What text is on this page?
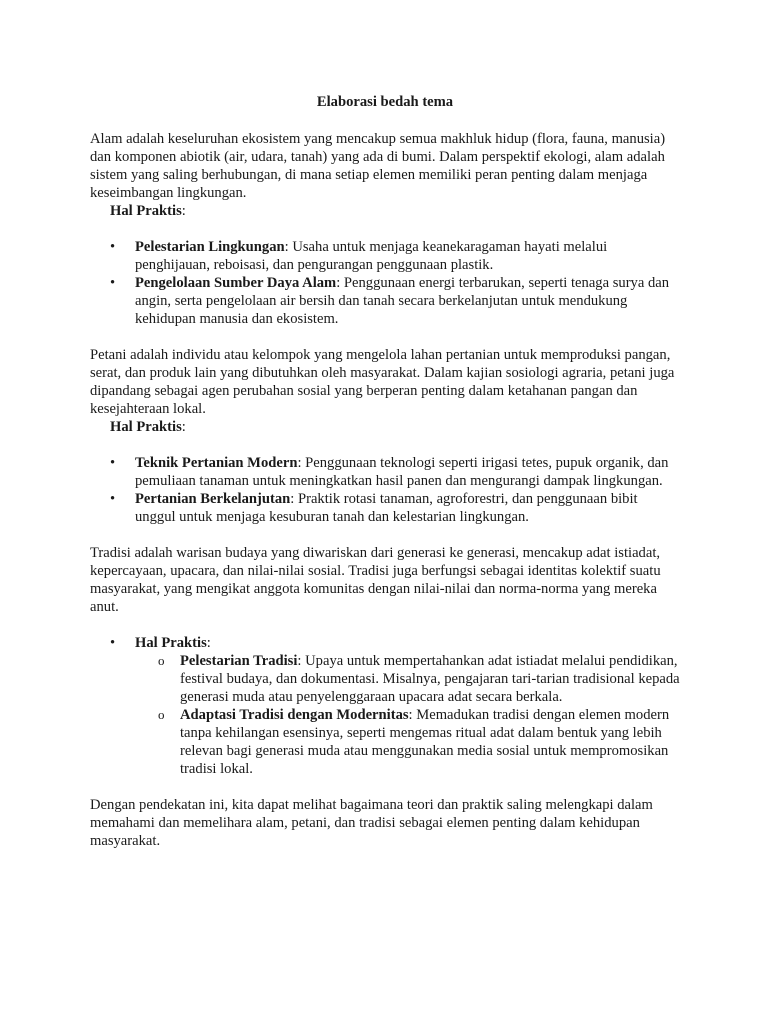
Elaborasi bedah tema

Alam adalah keseluruhan ekosistem yang mencakup semua makhluk hidup (flora, fauna, manusia) dan komponen abiotik (air, udara, tanah) yang ada di bumi. Dalam perspektif ekologi, alam adalah sistem yang saling berhubungan, di mana setiap elemen memiliki peran penting dalam menjaga keseimbangan lingkungan.

Hal Praktis:

• Pelestarian Lingkungan: Usaha untuk menjaga keanekaragaman hayati melalui penghijauan, reboisasi, dan pengurangan penggunaan plastik.
• Pengelolaan Sumber Daya Alam: Penggunaan energi terbarukan, seperti tenaga surya dan angin, serta pengelolaan air bersih dan tanah secara berkelanjutan untuk mendukung kehidupan manusia dan ekosistem.

Petani adalah individu atau kelompok yang mengelola lahan pertanian untuk memproduksi pangan, serat, dan produk lain yang dibutuhkan oleh masyarakat. Dalam kajian sosiologi agraria, petani juga dipandang sebagai agen perubahan sosial yang berperan penting dalam ketahanan pangan dan kesejahteraan lokal.

Hal Praktis:

• Teknik Pertanian Modern: Penggunaan teknologi seperti irigasi tetes, pupuk organik, dan pemuliaan tanaman untuk meningkatkan hasil panen dan mengurangi dampak lingkungan.
• Pertanian Berkelanjutan: Praktik rotasi tanaman, agroforestri, dan penggunaan bibit unggul untuk menjaga kesuburan tanah dan kelestarian lingkungan.

Tradisi adalah warisan budaya yang diwariskan dari generasi ke generasi, mencakup adat istiadat, kepercayaan, upacara, dan nilai-nilai sosial. Tradisi juga berfungsi sebagai identitas kolektif suatu masyarakat, yang mengikat anggota komunitas dengan nilai-nilai dan norma-norma yang mereka anut.

• Hal Praktis:
o Pelestarian Tradisi: Upaya untuk mempertahankan adat istiadat melalui pendidikan, festival budaya, dan dokumentasi. Misalnya, pengajaran tari-tarian tradisional kepada generasi muda atau penyelenggaraan upacara adat secara berkala.
o Adaptasi Tradisi dengan Modernitas: Memadukan tradisi dengan elemen modern tanpa kehilangan esensinya, seperti mengemas ritual adat dalam bentuk yang lebih relevan bagi generasi muda atau menggunakan media sosial untuk mempromosikan tradisi lokal.

Dengan pendekatan ini, kita dapat melihat bagaimana teori dan praktik saling melengkapi dalam memahami dan memelihara alam, petani, dan tradisi sebagai elemen penting dalam kehidupan masyarakat.
